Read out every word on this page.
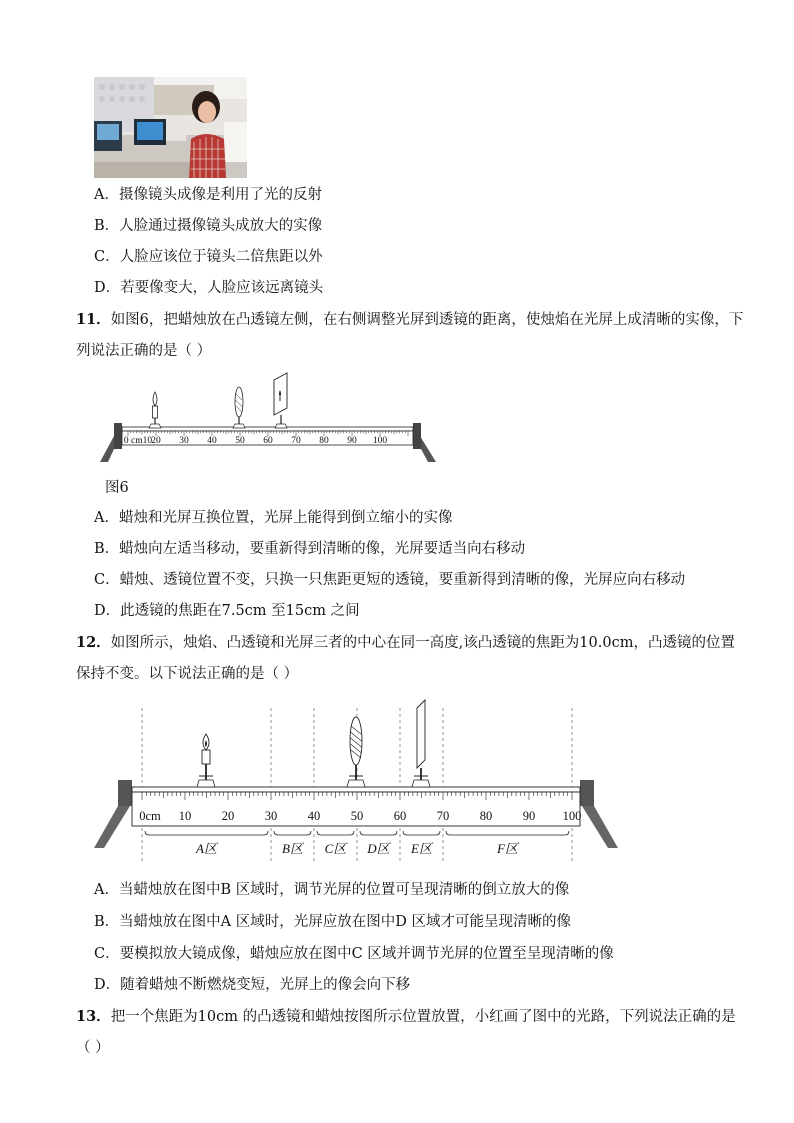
A．摄像镜头成像是利用了光的反射
B．人脸通过摄像镜头成放大的实像
C．人脸应该位于镜头二倍焦距以外
D．若要像变大，人脸应该远离镜头
11．如图6，把蜡烛放在凸透镜左侧，在右侧调整光屏到透镜的距离，使烛焰在光屏上成清晰的实像，下
列说法正确的是（ ）
0 cm10 20 30 40 50 60 70 80 90 100
图6
A．蜡烛和光屏互换位置，光屏上能得到倒立缩小的实像
B．蜡烛向左适当移动，要重新得到清晰的像，光屏要适当向右移动
C．蜡烛、透镜位置不变，只换一只焦距更短的透镜，要重新得到清晰的像，光屏应向右移动
D．此透镜的焦距在7.5cm 至15cm 之间
12．如图所示，烛焰、凸透镜和光屏三者的中心在同一高度,该凸透镜的焦距为10.0cm，凸透镜的位置
保持不变。以下说法正确的是（ ）
0cm 10 20 30 40 50 60 70 80 90 100
A区	B区 C区 D区 E区	F区
A．当蜡烛放在图中B 区域时，调节光屏的位置可呈现清晰的倒立放大的像
B．当蜡烛放在图中A 区域时，光屏应放在图中D 区域才可能呈现清晰的像
C．要模拟放大镜成像，蜡烛应放在图中C 区域并调节光屏的位置至呈现清晰的像
D．随着蜡烛不断燃烧变短，光屏上的像会向下移
13．把一个焦距为10cm 的凸透镜和蜡烛按图所示位置放置，小红画了图中的光路，下列说法正确的是
（ ）
